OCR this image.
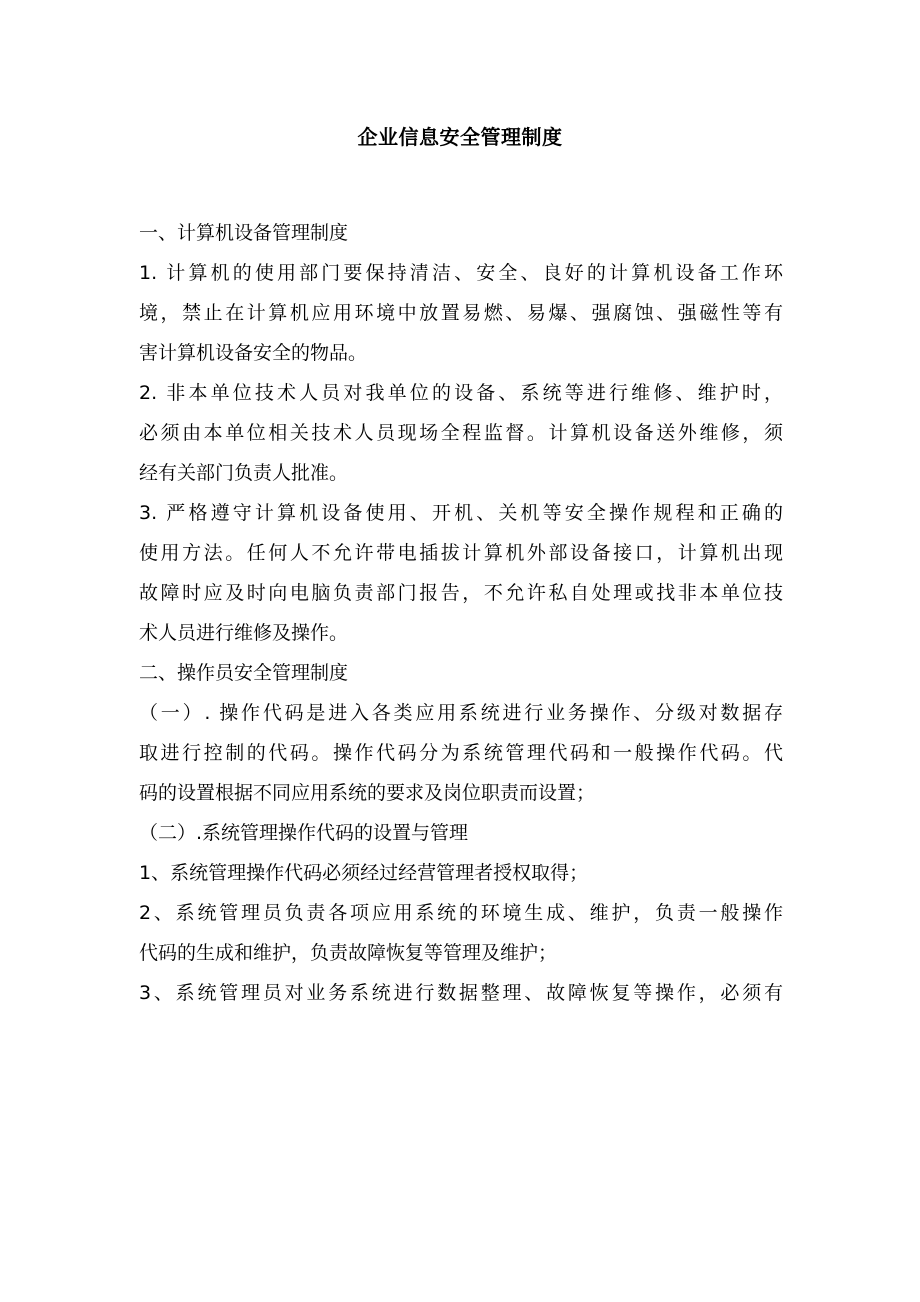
企业信息安全管理制度
一、计算机设备管理制度
1. 计算机的使用部门要保持清洁、安全、良好的计算机设备工作环
境，禁止在计算机应用环境中放置易燃、易爆、强腐蚀、强磁性等有
害计算机设备安全的物品。
2. 非本单位技术人员对我单位的设备、系统等进行维修、维护时，
必须由本单位相关技术人员现场全程监督。计算机设备送外维修，须
经有关部门负责人批准。
3. 严格遵守计算机设备使用、开机、关机等安全操作规程和正确的
使用方法。任何人不允许带电插拔计算机外部设备接口，计算机出现
故障时应及时向电脑负责部门报告，不允许私自处理或找非本单位技
术人员进行维修及操作。
二、操作员安全管理制度
（一）. 操作代码是进入各类应用系统进行业务操作、分级对数据存
取进行控制的代码。操作代码分为系统管理代码和一般操作代码。代
码的设置根据不同应用系统的要求及岗位职责而设置；
（二）.系统管理操作代码的设置与管理
1、系统管理操作代码必须经过经营管理者授权取得；
2、系统管理员负责各项应用系统的环境生成、维护，负责一般操作
代码的生成和维护，负责故障恢复等管理及维护；
3、系统管理员对业务系统进行数据整理、故障恢复等操作，必须有
